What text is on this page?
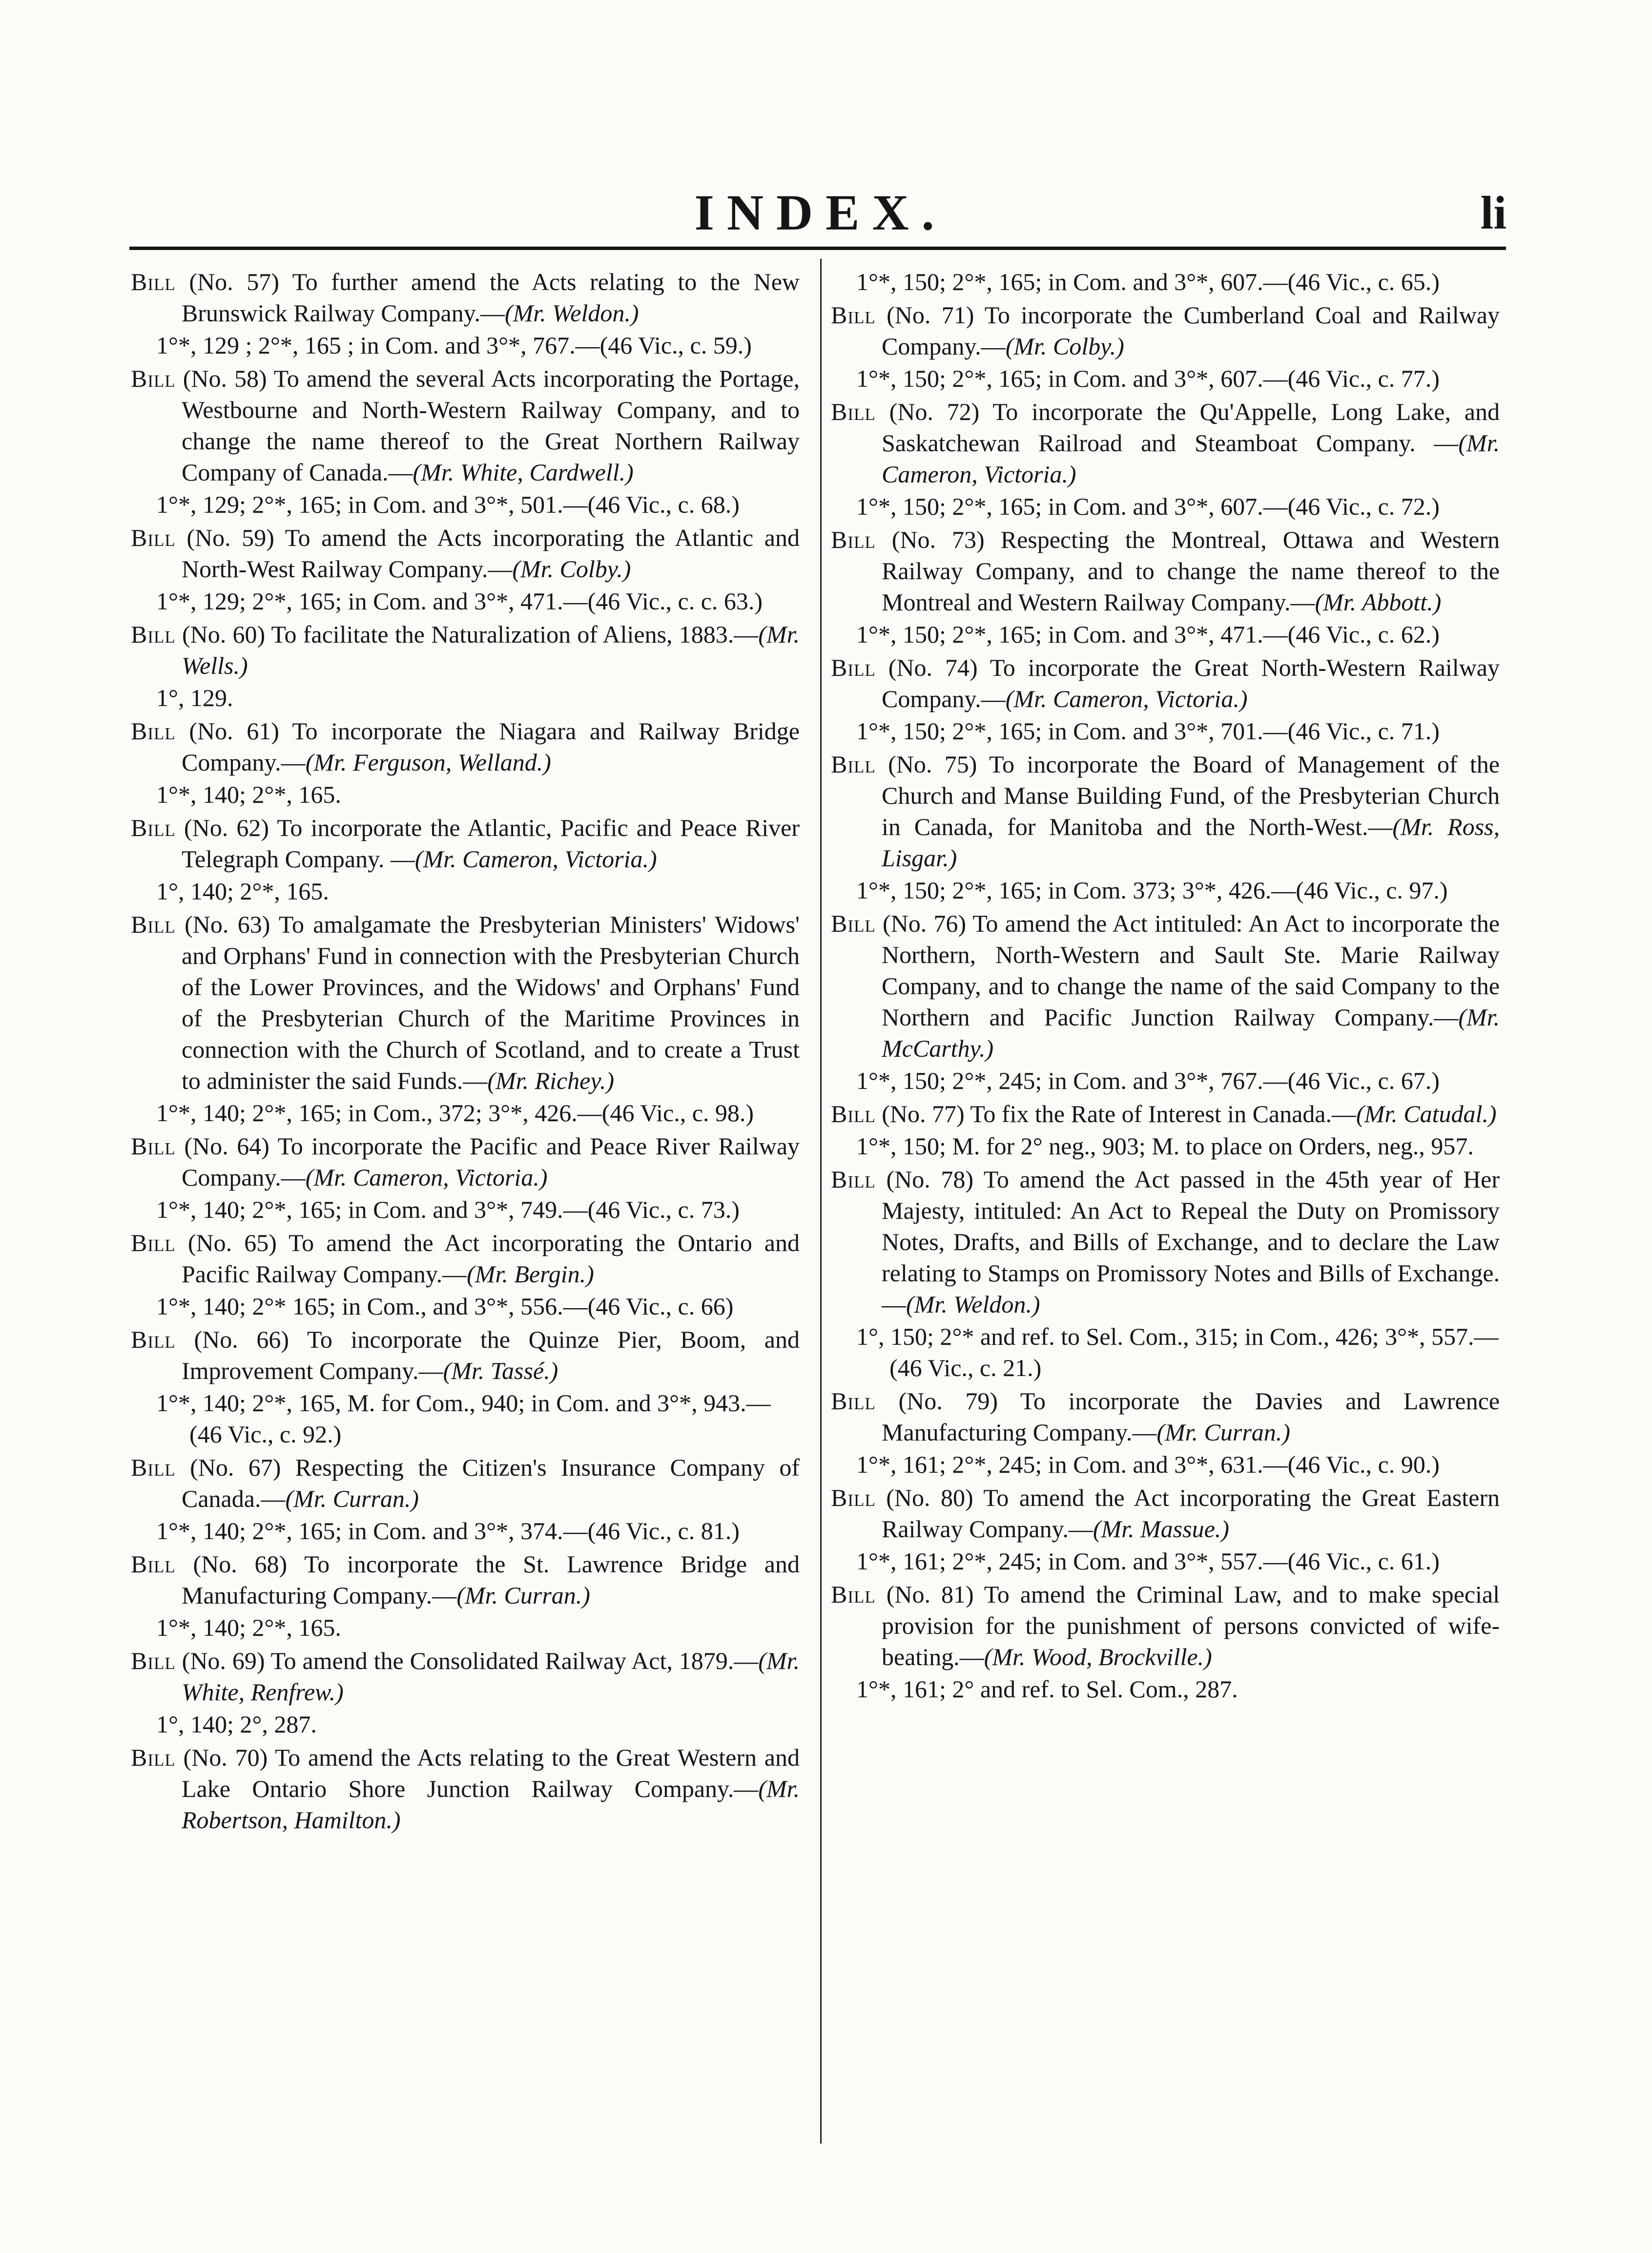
INDEX.	li

Bill (No. 57) To further amend the Acts relating to the New Brunswick Railway Company.—(Mr. Weldon.)

1°*, 129 ; 2°*, 165 ; in Com. and 3°*, 767.—(46 Vic., c. 59.)

Bill (No. 58) To amend the several Acts incorporating the Portage, Westbourne and North-Western Railway Company, and to change the name thereof to the Great Northern Railway Company of Canada.—(Mr. White, Cardwell.)

1°*, 129; 2°*, 165; in Com. and 3°*, 501.—(46 Vic., c. 68.)

Bill (No. 59) To amend the Acts incorporating the Atlantic and North-West Railway Company.—(Mr. Colby.)

1°*, 129; 2°*, 165; in Com. and 3°*, 471.—(46 Vic., c. c. 63.)

Bill (No. 60) To facilitate the Naturalization of Aliens, 1883.—(Mr. Wells.)

1°, 129.

Bill (No. 61) To incorporate the Niagara and Railway Bridge Company.—(Mr. Ferguson, Welland.)

1°*, 140; 2°*, 165.

Bill (No. 62) To incorporate the Atlantic, Pacific and Peace River Telegraph Company. —(Mr. Cameron, Victoria.)

1°, 140; 2°*, 165.

Bill (No. 63) To amalgamate the Presbyterian Ministers' Widows' and Orphans' Fund in connection with the Presbyterian Church of the Lower Provinces, and the Widows' and Orphans' Fund of the Presbyterian Church of the Maritime Provinces in connection with the Church of Scotland, and to create a Trust to administer the said Funds.—(Mr. Richey.)

1°*, 140; 2°*, 165; in Com., 372; 3°*, 426.—(46 Vic., c. 98.)

Bill (No. 64) To incorporate the Pacific and Peace River Railway Company.—(Mr. Cameron, Victoria.)

1°*, 140; 2°*, 165; in Com. and 3°*, 749.—(46 Vic., c. 73.)

Bill (No. 65) To amend the Act incorporating the Ontario and Pacific Railway Company.—(Mr. Bergin.)

1°*, 140; 2°* 165; in Com., and 3°*, 556.—(46 Vic., c. 66)

Bill (No. 66) To incorporate the Quinze Pier, Boom, and Improvement Company.—(Mr. Tassé.)

1°*, 140; 2°*, 165, M. for Com., 940; in Com. and 3°*, 943.—(46 Vic., c. 92.)

Bill (No. 67) Respecting the Citizen's Insurance Company of Canada.—(Mr. Curran.)

1°*, 140; 2°*, 165; in Com. and 3°*, 374.—(46 Vic., c. 81.)

Bill (No. 68) To incorporate the St. Lawrence Bridge and Manufacturing Company.—(Mr. Curran.)

1°*, 140; 2°*, 165.

Bill (No. 69) To amend the Consolidated Railway Act, 1879.—(Mr. White, Renfrew.)

1°, 140; 2°, 287.

Bill (No. 70) To amend the Acts relating to the Great Western and Lake Ontario Shore Junction Railway Company.—(Mr. Robertson, Hamilton.)

1°*, 150; 2°*, 165; in Com. and 3°*, 607.—(46 Vic., c. 65.)

Bill (No. 71) To incorporate the Cumberland Coal and Railway Company.—(Mr. Colby.)

1°*, 150; 2°*, 165; in Com. and 3°*, 607.—(46 Vic., c. 77.)

Bill (No. 72) To incorporate the Qu'Appelle, Long Lake, and Saskatchewan Railroad and Steamboat Company. —(Mr. Cameron, Victoria.)

1°*, 150; 2°*, 165; in Com. and 3°*, 607.—(46 Vic., c. 72.)

Bill (No. 73) Respecting the Montreal, Ottawa and Western Railway Company, and to change the name thereof to the Montreal and Western Railway Company.—(Mr. Abbott.)

1°*, 150; 2°*, 165; in Com. and 3°*, 471.—(46 Vic., c. 62.)

Bill (No. 74) To incorporate the Great North-Western Railway Company.—(Mr. Cameron, Victoria.)

1°*, 150; 2°*, 165; in Com. and 3°*, 701.—(46 Vic., c. 71.)

Bill (No. 75) To incorporate the Board of Management of the Church and Manse Building Fund, of the Presbyterian Church in Canada, for Manitoba and the North-West.—(Mr. Ross, Lisgar.)

1°*, 150; 2°*, 165; in Com. 373; 3°*, 426.—(46 Vic., c. 97.)

Bill (No. 76) To amend the Act intituled: An Act to incorporate the Northern, North-Western and Sault Ste. Marie Railway Company, and to change the name of the said Company to the Northern and Pacific Junction Railway Company.—(Mr. McCarthy.)

1°*, 150; 2°*, 245; in Com. and 3°*, 767.—(46 Vic., c. 67.)

Bill (No. 77) To fix the Rate of Interest in Canada.—(Mr. Catudal.)

1°*, 150; M. for 2° neg., 903; M. to place on Orders, neg., 957.

Bill (No. 78) To amend the Act passed in the 45th year of Her Majesty, intituled: An Act to Repeal the Duty on Promissory Notes, Drafts, and Bills of Exchange, and to declare the Law relating to Stamps on Promissory Notes and Bills of Exchange.—(Mr. Weldon.)

1°, 150; 2°* and ref. to Sel. Com., 315; in Com., 426; 3°*, 557.—(46 Vic., c. 21.)

Bill (No. 79) To incorporate the Davies and Lawrence Manufacturing Company.—(Mr. Curran.)

1°*, 161; 2°*, 245; in Com. and 3°*, 631.—(46 Vic., c. 90.)

Bill (No. 80) To amend the Act incorporating the Great Eastern Railway Company.—(Mr. Massue.)

1°*, 161; 2°*, 245; in Com. and 3°*, 557.—(46 Vic., c. 61.)

Bill (No. 81) To amend the Criminal Law, and to make special provision for the punishment of persons convicted of wife-beating.—(Mr. Wood, Brockville.)

1°*, 161; 2° and ref. to Sel. Com., 287.
